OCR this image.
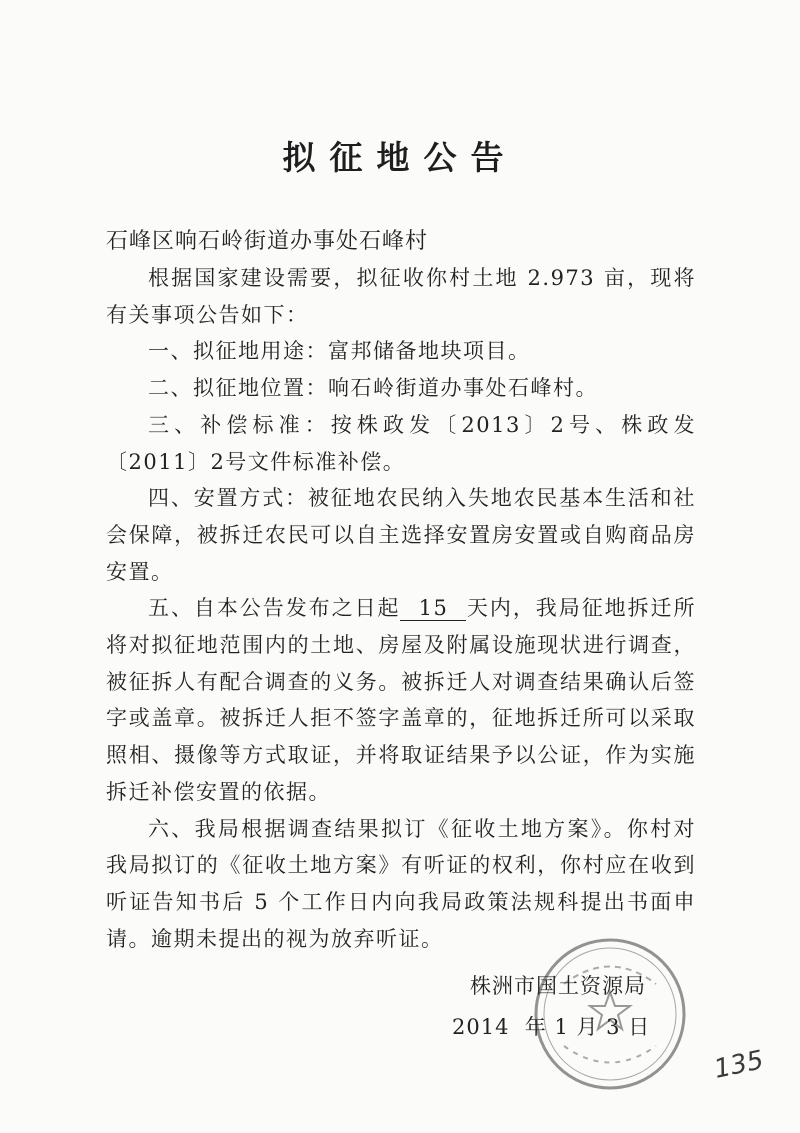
拟征地公告
石峰区响石岭街道办事处石峰村

根据国家建设需要，拟征收你村土地 2.973 亩，现将有关事项公告如下：

一、拟征地用途：富邦储备地块项目。

二、拟征地位置：响石岭街道办事处石峰村。

三、补偿标准：按株政发〔2013〕2号、株政发〔2011〕2号文件标准补偿。

四、安置方式：被征地农民纳入失地农民基本生活和社会保障，被拆迁农民可以自主选择安置房安置或自购商品房安置。

五、自本公告发布之日起 15 天内，我局征地拆迁所将对拟征地范围内的土地、房屋及附属设施现状进行调查，被征拆人有配合调查的义务。被拆迁人对调查结果确认后签字或盖章。被拆迁人拒不签字盖章的，征地拆迁所可以采取照相、摄像等方式取证，并将取证结果予以公证，作为实施拆迁补偿安置的依据。

六、我局根据调查结果拟订《征收土地方案》。你村对我局拟订的《征收土地方案》有听证的权利，你村应在收到听证告知书后 5 个工作日内向我局政策法规科提出书面申请。逾期未提出的视为放弃听证。

株洲市国土资源局
2014  年 1 月 3 日
135
